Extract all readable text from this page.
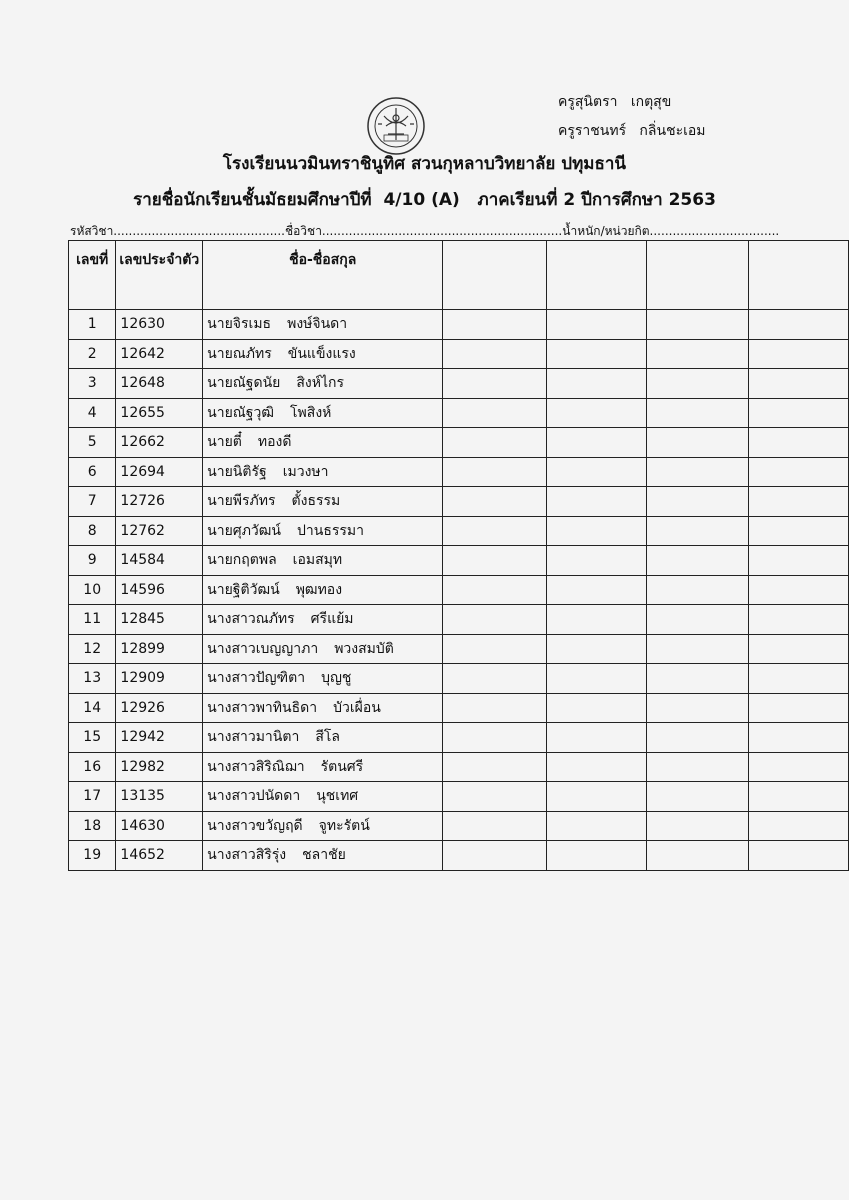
ครูสุนิตรา   เกตุสุข
ครูราชนทร์   กลิ่นชะเอม
โรงเรียนนวมินทราชินูทิศ สวนกุหลาบวิทยาลัย ปทุมธานี
รายชื่อนักเรียนชั้นมัธยมศึกษาปีที่  4/10 (A)   ภาคเรียนที่ 2 ปีการศึกษา 2563
รหัสวิชา.............................................ชื่อวิชา...............................................................น้ำหนัก/หน่วยกิต..................................
เลขที่	เลขประจำตัว	ชื่อ-ชื่อสกุล				
1	12630	นายจิรเมธ พงษ์จินดา				
2	12642	นายณภัทร ขันแข็งแรง				
3	12648	นายณัฐดนัย สิงห์ไกร				
4	12655	นายณัฐวุฒิ โพสิงห์				
5	12662	นายตี๋ ทองดี				
6	12694	นายนิติรัฐ เมวงษา				
7	12726	นายพีรภัทร ตั้งธรรม				
8	12762	นายศุภวัฒน์ ปานธรรมา				
9	14584	นายกฤตพล เอมสมุท				
10	14596	นายฐิติวัฒน์ พุฒทอง				
11	12845	นางสาวณภัทร ศรีแย้ม				
12	12899	นางสาวเบญญาภา พวงสมบัติ				
13	12909	นางสาวปัญฑิตา บุญชู				
14	12926	นางสาวพาทินธิดา บัวเผื่อน				
15	12942	นางสาวมานิตา สีโล				
16	12982	นางสาวสิริณิฌา รัตนศรี				
17	13135	นางสาวปนัดดา นุชเทศ				
18	14630	นางสาวขวัญฤดี จูทะรัตน์				
19	14652	นางสาวสิริรุ่ง ชลาชัย				
